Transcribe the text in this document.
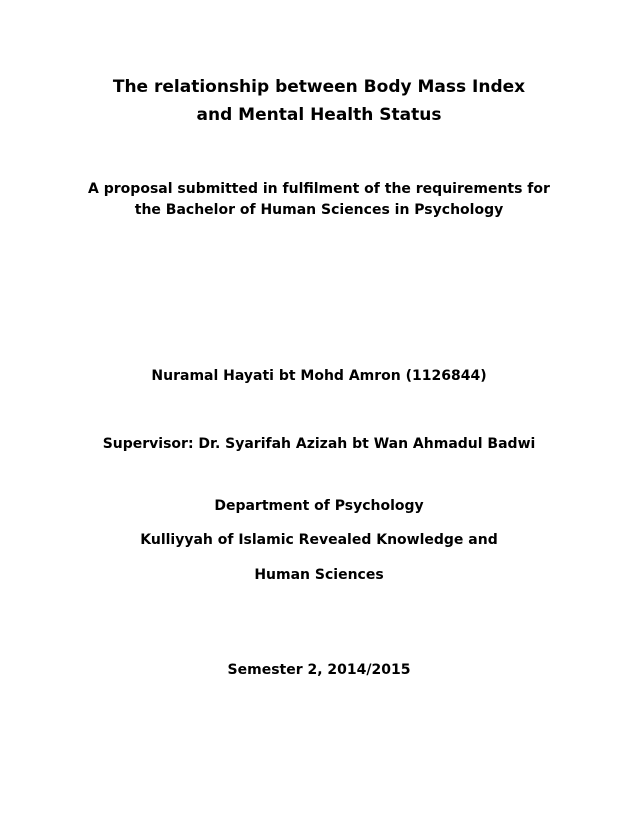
The relationship between Body Mass Index
and Mental Health Status

A proposal submitted in fulfilment of the requirements for

the Bachelor of Human Sciences in Psychology

Nuramal Hayati bt Mohd Amron (1126844)

Supervisor: Dr. Syarifah Azizah bt Wan Ahmadul Badwi

Department of Psychology

Kulliyyah of Islamic Revealed Knowledge and

Human Sciences

Semester 2, 2014/2015
